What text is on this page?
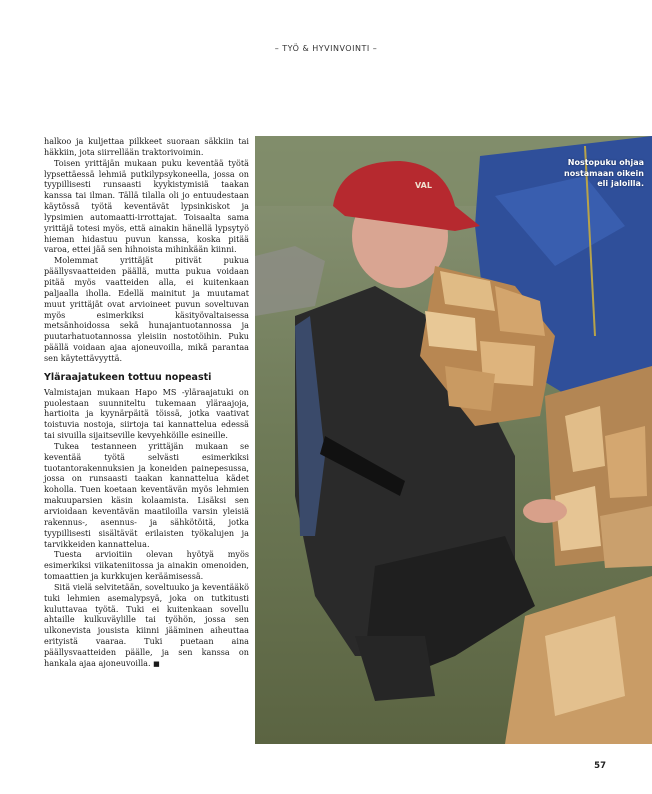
– TYÖ & HYVINVOINTI –

halkoo ja kuljettaa pilkkeet suoraan säkkiin tai häkkiin, jota siirrellään traktorivoimin.

Toisen yrittäjän mukaan puku keventää työtä lypsettäessä lehmiä putkilypsykoneella, jossa on tyypillisesti runsaasti kyykistymisiä taakan kanssa tai ilman. Tällä tilalla oli jo entuudestaan käytössä työtä keventävät lypsinkiskot ja lypsimien automaatti-irrottajat. Toisaalta sama yrittäjä totesi myös, että ainakin hänellä lypsytyö hieman hidastuu puvun kanssa, koska pitää varoa, ettei jää sen hihnoista mihinkään kiinni.

Molemmat yrittäjät pitivät pukua päällysvaatteiden päällä, mutta pukua voidaan pitää myös vaatteiden alla, ei kuitenkaan paljaalla iholla. Edellä mainitut ja muutamat muut yrittäjät ovat arvioineet puvun soveltuvan myös esimerkiksi käsityövaltaisessa metsänhoidossa sekä hunajantuotannossa ja puutarhatuotannossa yleisiin nostotöihin. Puku päällä voidaan ajaa ajoneuvoilla, mikä parantaa sen käytettävyyttä.

Yläraajatukeen tottuu nopeasti

Valmistajan mukaan Hapo MS -yläraajatuki on puolestaan suunniteltu tukemaan yläraajoja, hartioita ja kyynärpäitä töissä, jotka vaativat toistuvia nostoja, siirtoja tai kannattelua edessä tai sivuilla sijaitseville kevyehköille esineille.

Tukea testanneen yrittäjän mukaan se keventää työtä selvästi esimerkiksi tuotantorakennuksien ja koneiden painepesussa, jossa on runsaasti taakan kannattelua kädet koholla. Tuen koetaan keventävän myös lehmien makuuparsien käsin kolaamista. Lisäksi sen arvioidaan keventävän maatiloilla varsin yleisiä rakennus-, asennus- ja sähkötöitä, jotka tyypillisesti sisältävät erilaisten työkalujen ja tarvikkeiden kannattelua.

Tuesta arvioitiin olevan hyötyä myös esimerkiksi viikateniitossa ja ainakin omenoiden, tomaattien ja kurkkujen keräämisessä.

Sitä vielä selvitetään, soveltuuko ja keventääkö tuki lehmien asemalypsyä, joka on tutkitusti kuluttavaa työtä. Tuki ei kuitenkaan sovellu ahtaille kulkuväylille tai työhön, jossa sen ulkonevista jousista kiinni jääminen aiheuttaa erityistä vaaraa. Tuki puetaan aina päällysvaatteiden päälle, ja sen kanssa on hankala ajaa ajoneuvoilla. ■

VAL
Nostopuku ohjaa nostamaan oikein eli jaloilla.
57
